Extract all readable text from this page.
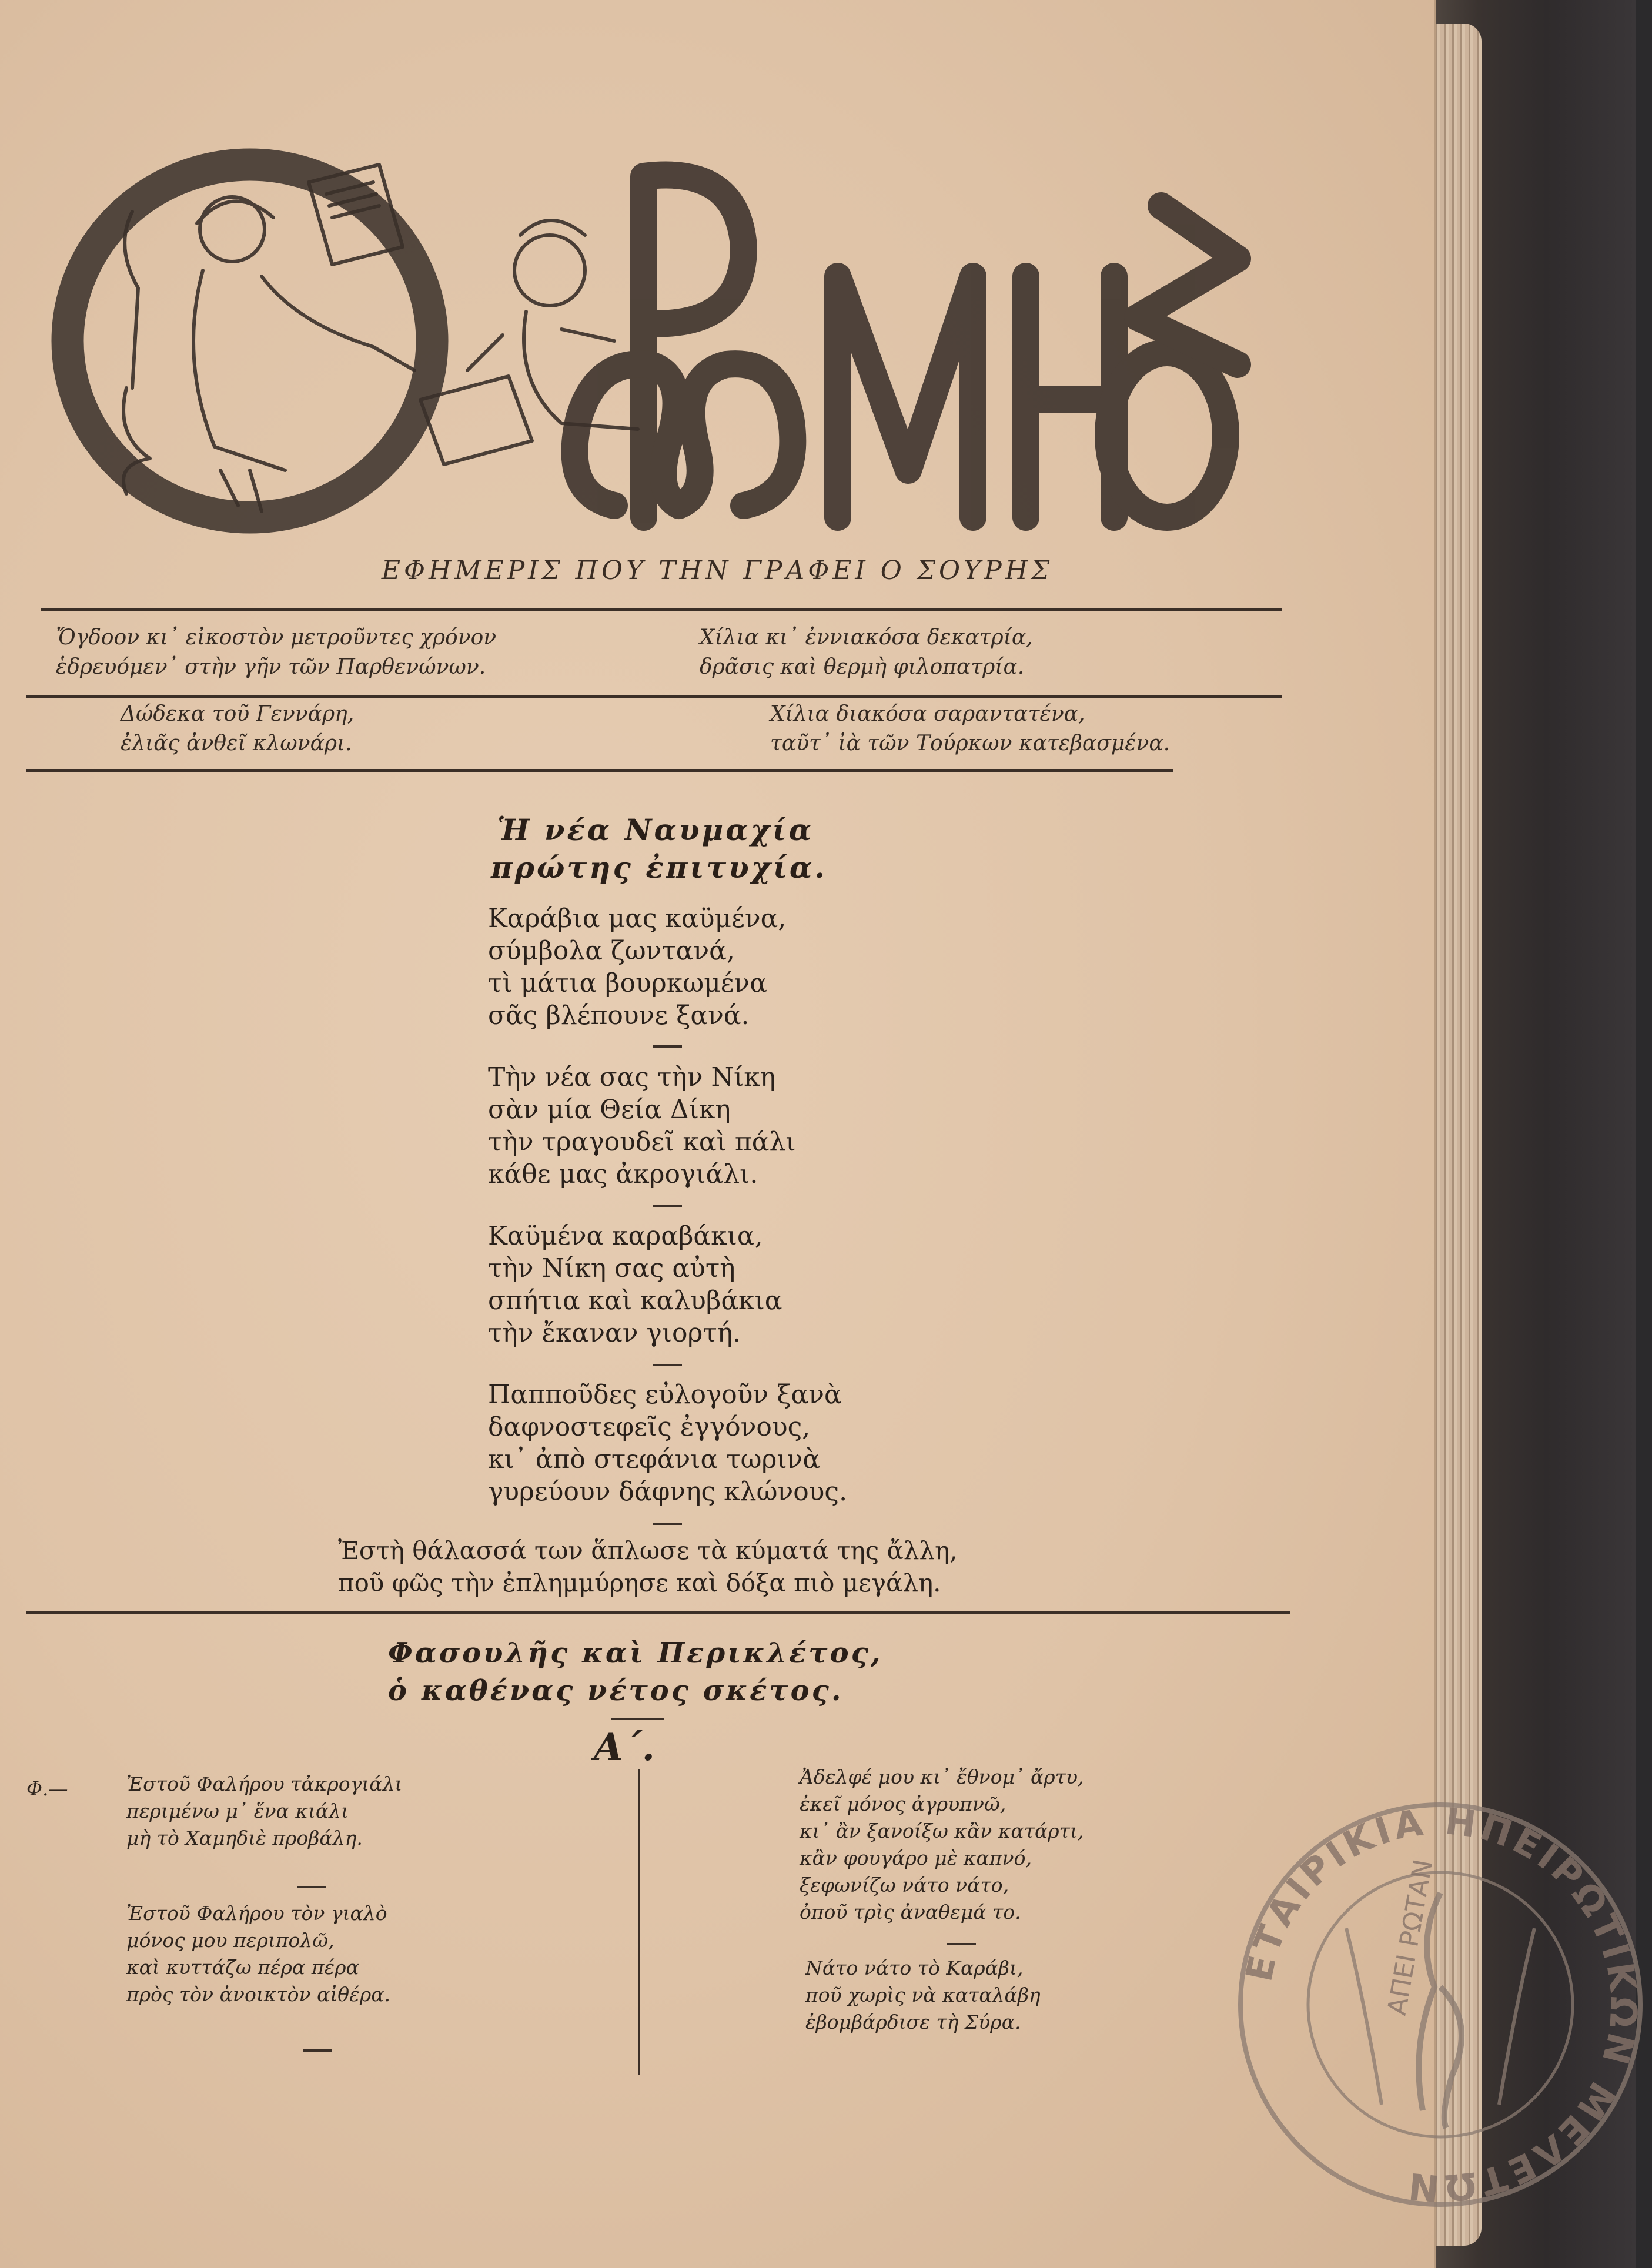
ΕΦΗΜΕΡΙΣ ΠΟΥ ΤΗΝ ΓΡΑΦΕΙ Ο ΣΟΥΡΗΣ
Ὄγδοον κι᾽ εἰκοστὸν μετροῦντες χρόνον
ἑδρευόμεν᾽ στὴν γῆν τῶν Παρθενώνων.
Χίλια κι᾽ ἐννιακόσα δεκατρία,
δρᾶσις καὶ θερμὴ φιλοπατρία.
Δώδεκα τοῦ Γεννάρη,
ἐλιᾶς ἀνθεῖ κλωνάρι.
Χίλια διακόσα σαραντατένα,
ταῦτ᾽ ἰὰ τῶν Τούρκων κατεβασμένα.
Ἡ νέα Ναυμαχία
πρώτης ἐπιτυχία.
Καράβια μας καϋμένα,
σύμβολα ζωντανά,
τὶ μάτια βουρκωμένα
σᾶς βλέπουνε ξανά.
Τὴν νέα σας τὴν Νίκη
σὰν μία Θεία Δίκη
τὴν τραγουδεῖ καὶ πάλι
κάθε μας ἀκρογιάλι.
Καϋμένα καραβάκια,
τὴν Νίκη σας αὐτὴ
σπήτια καὶ καλυβάκια
τὴν ἔκαναν γιορτή.
Παπποῦδες εὐλογοῦν ξανὰ
δαφνοστεφεῖς ἐγγόνους,
κι᾽ ἀπὸ στεφάνια τωρινὰ
γυρεύουν δάφνης κλώνους.
Ἐστὴ θάλασσά των ἅπλωσε τὰ κύματά της ἄλλη,
ποῦ φῶς τὴν ἐπλημμύρησε καὶ δόξα πιὸ μεγάλη.
Φασουλῆς καὶ Περικλέτος,
ὁ καθένας νέτος σκέτος.
Α΄.
Φ.—	Ἐστοῦ Φαλήρου τἀκρογιάλι
περιμένω μ᾽ ἕνα κιάλι
μὴ τὸ Χαμηδιὲ προβάλη.
Ἐστοῦ Φαλήρου τὸν γιαλὸ
μόνος μου περιπολῶ,
καὶ κυττάζω πέρα πέρα
πρὸς τὸν ἀνοικτὸν αἰθέρα.
Ἀδελφέ μου κι᾽ ἔθνομ᾽ ἄρτυ,
ἐκεῖ μόνος ἀγρυπνῶ,
κι᾽ ἂν ξανοίξω κἂν κατάρτι,
κἂν φουγάρο μὲ καπνό,
ξεφωνίζω νάτο νάτο,
ὀποῦ τρὶς ἀναθεμά το.
Νάτο νάτο τὸ Καράβι,
ποῦ χωρὶς νὰ καταλάβη
ἐβομβάρδισε τὴ Σύρα.
ΕΤΑΙΡΙΚΙΑ ΗΠΕΙΡΩΤΙΚΩΝ ΜΕΛΕΤΩΝ
ΑΠΕΙ ΡΩΤΑΝ
